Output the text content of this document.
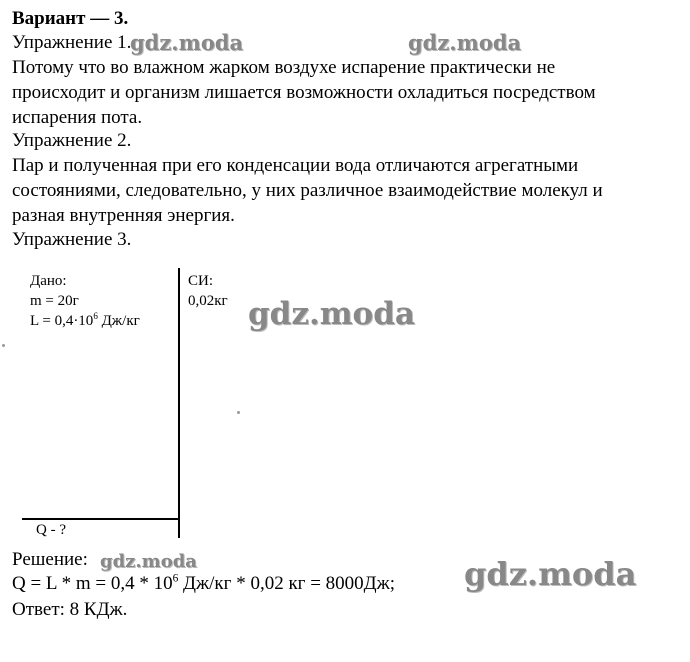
Вариант — 3.
Упражнение 1.
Потому что во влажном жарком воздухе испарение практически не
происходит и организм лишается возможности охладиться посредством
испарения пота.
Упражнение 2.
Пар и полученная при его конденсации вода отличаются агрегатными
состояниями, следовательно, у них различное взаимодействие молекул и
разная внутренняя энергия.
Упражнение 3.
Дано:
m = 20г
$L = 0,4\cdot 10^6$ Дж/кг
СИ:
0,02кг
Q - ?
Решение:
$Q = L * m = 0,4 * 10^6$ Дж/кг * 0,02 кг = 8000Дж;
Ответ: 8 КДж.
gdz.moda	gdz.moda
gdz.moda
gdz.moda	gdz.moda
